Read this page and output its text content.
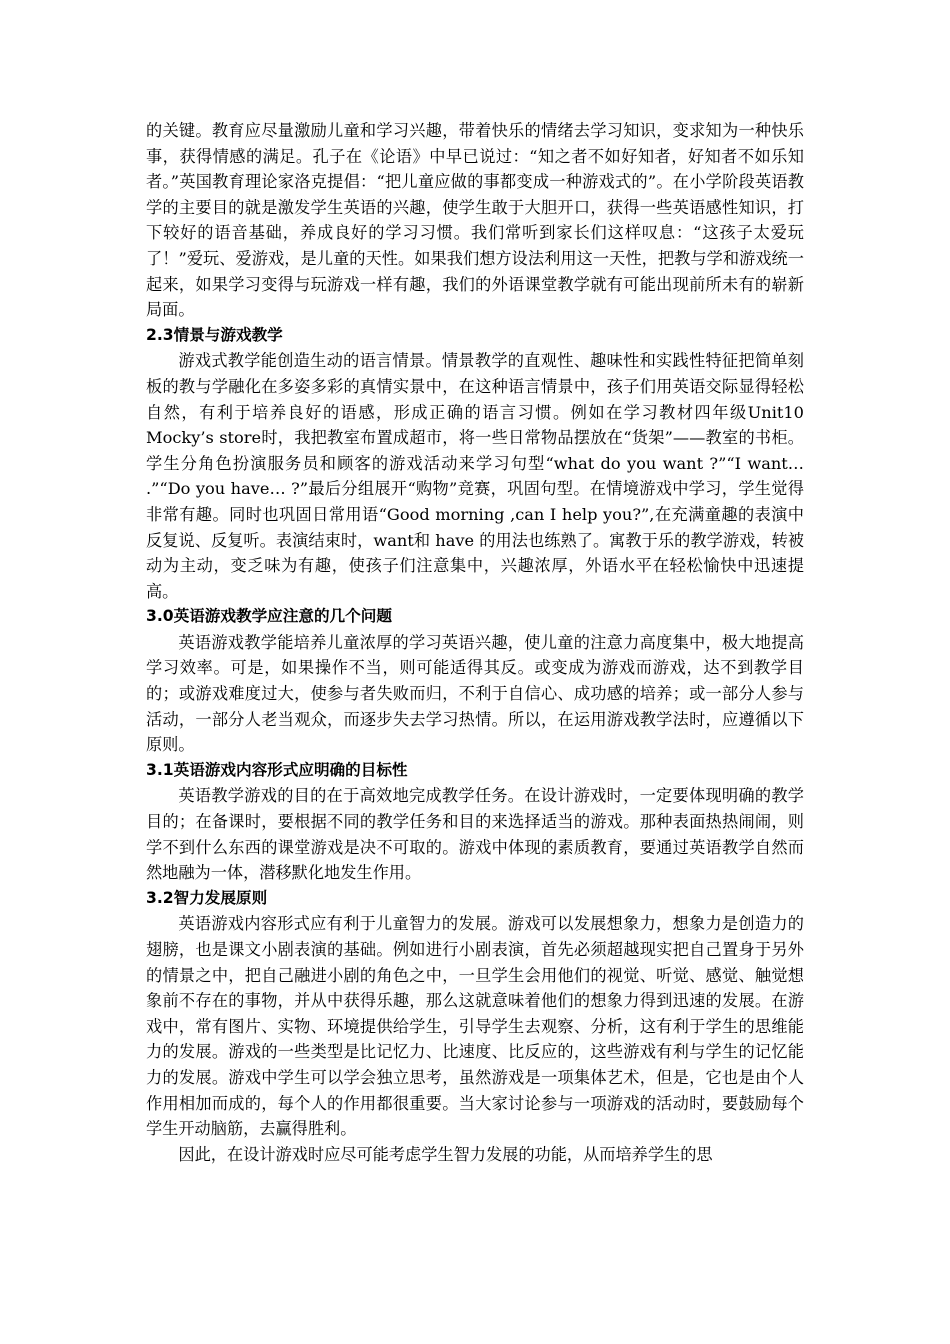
的关键。教育应尽量激励儿童和学习兴趣，带着快乐的情绪去学习知识，变求知为一种快乐事，获得情感的满足。孔子在《论语》中早已说过：“知之者不如好知者，好知者不如乐知者。”英国教育理论家洛克提倡：“把儿童应做的事都变成一种游戏式的”。在小学阶段英语教学的主要目的就是激发学生英语的兴趣，使学生敢于大胆开口，获得一些英语感性知识，打下较好的语音基础，养成良好的学习习惯。我们常听到家长们这样叹息：“这孩子太爱玩了！”爱玩、爱游戏，是儿童的天性。如果我们想方设法利用这一天性，把教与学和游戏统一起来，如果学习变得与玩游戏一样有趣，我们的外语课堂教学就有可能出现前所未有的崭新局面。

2.3情景与游戏教学

游戏式教学能创造生动的语言情景。情景教学的直观性、趣味性和实践性特征把简单刻板的教与学融化在多姿多彩的真情实景中，在这种语言情景中，孩子们用英语交际显得轻松自然，有利于培养良好的语感，形成正确的语言习惯。例如在学习教材四年级Unit10 Mocky’s store时，我把教室布置成超市，将一些日常物品摆放在“货架”——教室的书柜。学生分角色扮演服务员和顾客的游戏活动来学习句型“what do you want ?”“I want… .”“Do you have… ?”最后分组展开“购物”竞赛，巩固句型。在情境游戏中学习，学生觉得非常有趣。同时也巩固日常用语“Good morning ,can I help you?”,在充满童趣的表演中反复说、反复听。表演结束时，want和 have 的用法也练熟了。寓教于乐的教学游戏，转被动为主动，变乏味为有趣，使孩子们注意集中，兴趣浓厚，外语水平在轻松愉快中迅速提高。

3.0英语游戏教学应注意的几个问题

英语游戏教学能培养儿童浓厚的学习英语兴趣，使儿童的注意力高度集中，极大地提高学习效率。可是，如果操作不当，则可能适得其反。或变成为游戏而游戏，达不到教学目的；或游戏难度过大，使参与者失败而归，不利于自信心、成功感的培养；或一部分人参与活动，一部分人老当观众，而逐步失去学习热情。所以，在运用游戏教学法时，应遵循以下原则。

3.1英语游戏内容形式应明确的目标性

英语教学游戏的目的在于高效地完成教学任务。在设计游戏时，一定要体现明确的教学目的；在备课时，要根据不同的教学任务和目的来选择适当的游戏。那种表面热热闹闹，则学不到什么东西的课堂游戏是决不可取的。游戏中体现的素质教育，要通过英语教学自然而然地融为一体，潜移默化地发生作用。

3.2智力发展原则

英语游戏内容形式应有利于儿童智力的发展。游戏可以发展想象力，想象力是创造力的翅膀，也是课文小剧表演的基础。例如进行小剧表演，首先必须超越现实把自己置身于另外的情景之中，把自己融进小剧的角色之中，一旦学生会用他们的视觉、听觉、感觉、触觉想象前不存在的事物，并从中获得乐趣，那么这就意味着他们的想象力得到迅速的发展。在游戏中，常有图片、实物、环境提供给学生，引导学生去观察、分析，这有利于学生的思维能力的发展。游戏的一些类型是比记忆力、比速度、比反应的，这些游戏有利与学生的记忆能力的发展。游戏中学生可以学会独立思考，虽然游戏是一项集体艺术，但是，它也是由个人作用相加而成的，每个人的作用都很重要。当大家讨论参与一项游戏的活动时，要鼓励每个学生开动脑筋，去赢得胜利。

因此，在设计游戏时应尽可能考虑学生智力发展的功能，从而培养学生的思
